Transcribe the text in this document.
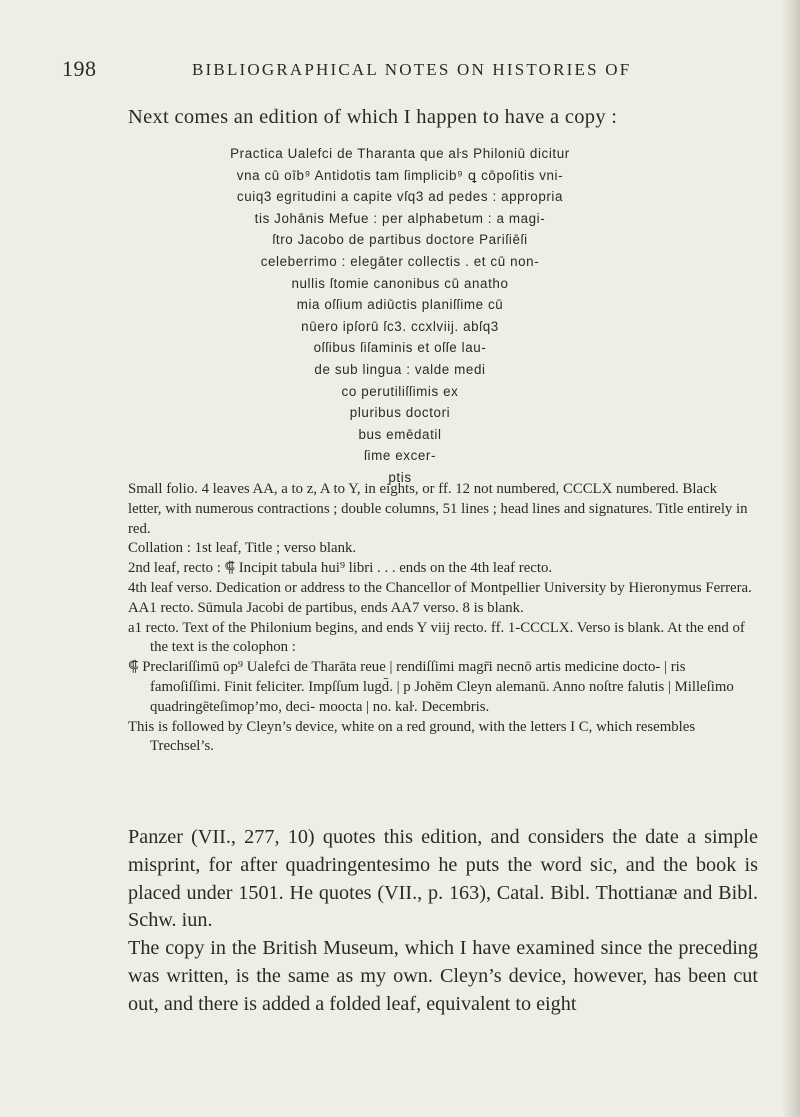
198	BIBLIOGRAPHICAL NOTES ON HISTORIES OF
Next comes an edition of which I happen to have a copy :
Practica Ualefci de Tharanta que aŀs Philoniū dicitur
vna cū oīb⁹ Antidotis tam ſimplicib⁹ ꝗ cōpoſitis vni-
cuiq3 egritudini a capite vſq3 ad pedes : appropria
tis Johānis Mefue : per alphabetum : a magi-
ſtro Jacobo de partibus doctore Pariſiēſi
celeberrimo : elegāter collectis . et cū non-
nullis ſtomie canonibus cū anatho
mia oſſium adiūctis planiſſime cū
nūero ipſorū ſc3. ccxlviij. abſq3
oſſibus ſiſaminis et oſſe lau-
de sub lingua : valde medi
co perutiliſſimis ex
pluribus doctori
bus emēdatil
ſime excer-
ptis

Small folio. 4 leaves AA, a to z, A to Y, in eights, or ff. 12 not numbered, CCCLX numbered. Black letter, with numerous contractions ; double columns, 51 lines ; head lines and signatures. Title entirely in red.

Collation : 1st leaf, Title ; verso blank.

2nd leaf, recto : ⸿ Incipit tabula hui⁹ libri . . . ends on the 4th leaf recto.

4th leaf verso. Dedication or address to the Chancellor of Montpellier University by Hieronymus Ferrera.

AA1 recto. Sūmula Jacobi de partibus, ends AA7 verso. 8 is blank.

a1 recto. Text of the Philonium begins, and ends Y viij recto. ff. 1-CCCLX. Verso is blank. At the end of the text is the colophon :

⸿ Preclariſſimū op⁹ Ualefci de Tharāta reue | rendiſſimi magr̄i necnō artis medicine docto- | ris famoſiſſimi. Finit feliciter. Impſſum lugd̄. | p Johēm Cleyn alemanū. Anno noſtre falutis | Milleſimo quadringēteſimop’mo, deci- moocta | no. kaŀ. Decembris.

This is followed by Cleyn’s device, white on a red ground, with the letters I C, which resembles Trechsel’s.

Panzer (VII., 277, 10) quotes this edition, and considers the date a simple misprint, for after quadringentesimo he puts the word sic, and the book is placed under 1501. He quotes (VII., p. 163), Catal. Bibl. Thottianæ and Bibl. Schw. iun.

The copy in the British Museum, which I have examined since the preceding was written, is the same as my own. Cleyn’s device, however, has been cut out, and there is added a folded leaf, equivalent to eight
